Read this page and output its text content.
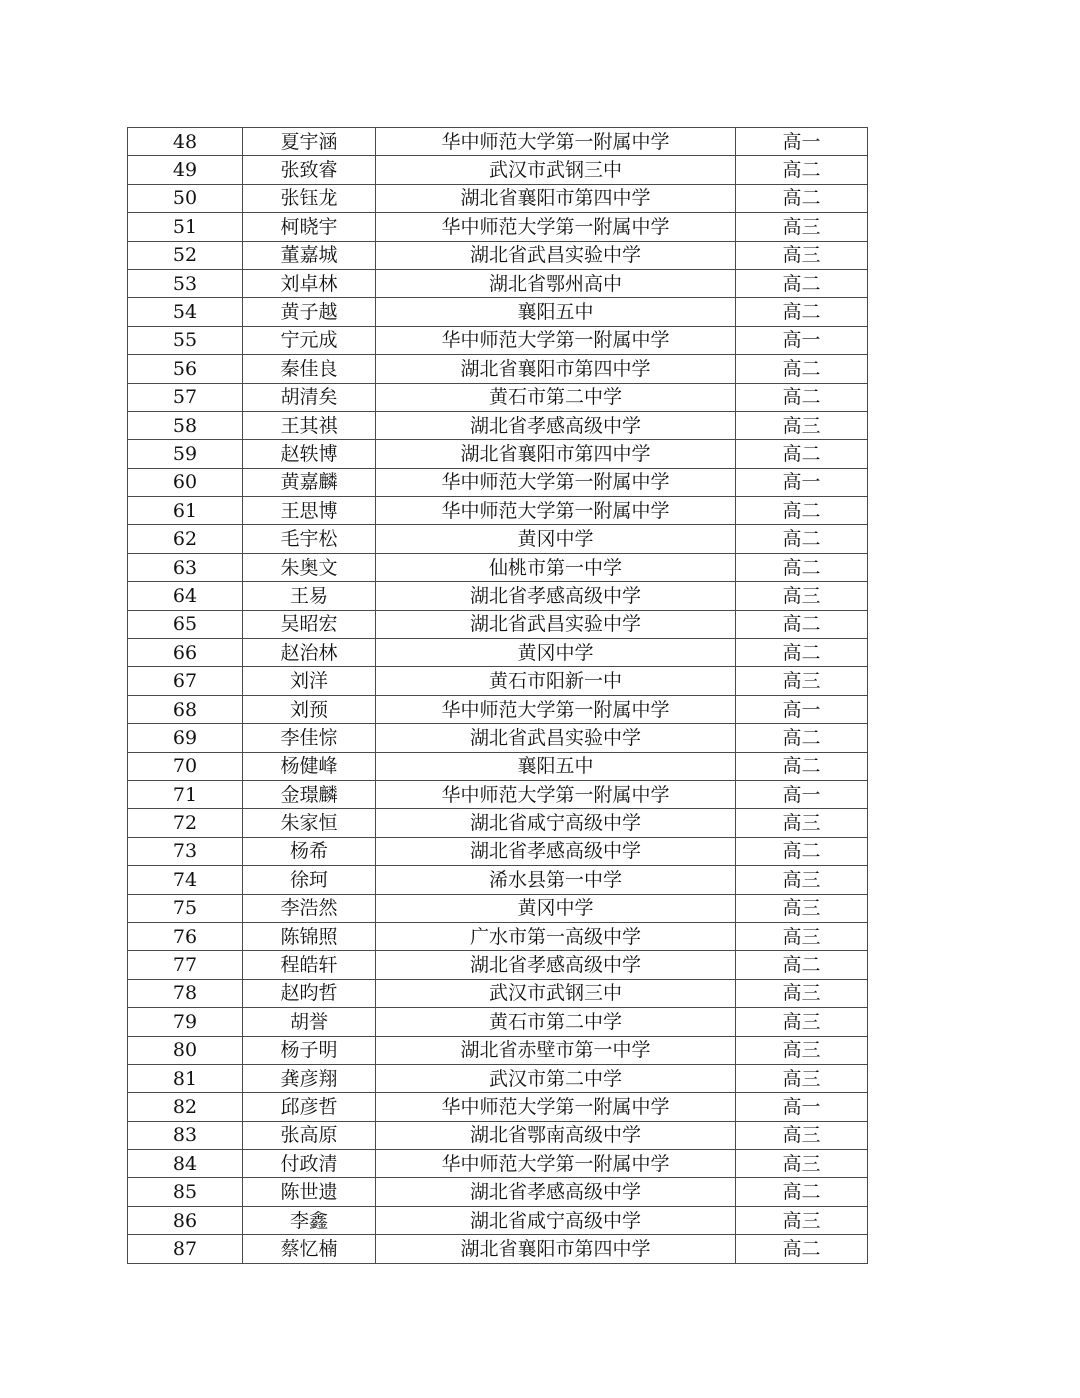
48	夏宇涵	华中师范大学第一附属中学	高一
49	张致睿	武汉市武钢三中	高二
50	张钰龙	湖北省襄阳市第四中学	高二
51	柯晓宇	华中师范大学第一附属中学	高三
52	董嘉城	湖北省武昌实验中学	高三
53	刘卓林	湖北省鄂州高中	高二
54	黄子越	襄阳五中	高二
55	宁元成	华中师范大学第一附属中学	高一
56	秦佳良	湖北省襄阳市第四中学	高二
57	胡清矣	黄石市第二中学	高二
58	王其祺	湖北省孝感高级中学	高三
59	赵轶博	湖北省襄阳市第四中学	高二
60	黄嘉麟	华中师范大学第一附属中学	高一
61	王思博	华中师范大学第一附属中学	高二
62	毛宇松	黄冈中学	高二
63	朱奥文	仙桃市第一中学	高二
64	王易	湖北省孝感高级中学	高三
65	吴昭宏	湖北省武昌实验中学	高二
66	赵治林	黄冈中学	高二
67	刘洋	黄石市阳新一中	高三
68	刘预	华中师范大学第一附属中学	高一
69	李佳悰	湖北省武昌实验中学	高二
70	杨健峰	襄阳五中	高二
71	金璟麟	华中师范大学第一附属中学	高一
72	朱家恒	湖北省咸宁高级中学	高三
73	杨希	湖北省孝感高级中学	高二
74	徐珂	浠水县第一中学	高三
75	李浩然	黄冈中学	高三
76	陈锦照	广水市第一高级中学	高三
77	程皓轩	湖北省孝感高级中学	高二
78	赵昀哲	武汉市武钢三中	高三
79	胡誉	黄石市第二中学	高三
80	杨子明	湖北省赤壁市第一中学	高三
81	龚彦翔	武汉市第二中学	高三
82	邱彦哲	华中师范大学第一附属中学	高一
83	张高原	湖北省鄂南高级中学	高三
84	付政清	华中师范大学第一附属中学	高三
85	陈世遗	湖北省孝感高级中学	高二
86	李鑫	湖北省咸宁高级中学	高三
87	蔡忆楠	湖北省襄阳市第四中学	高二
